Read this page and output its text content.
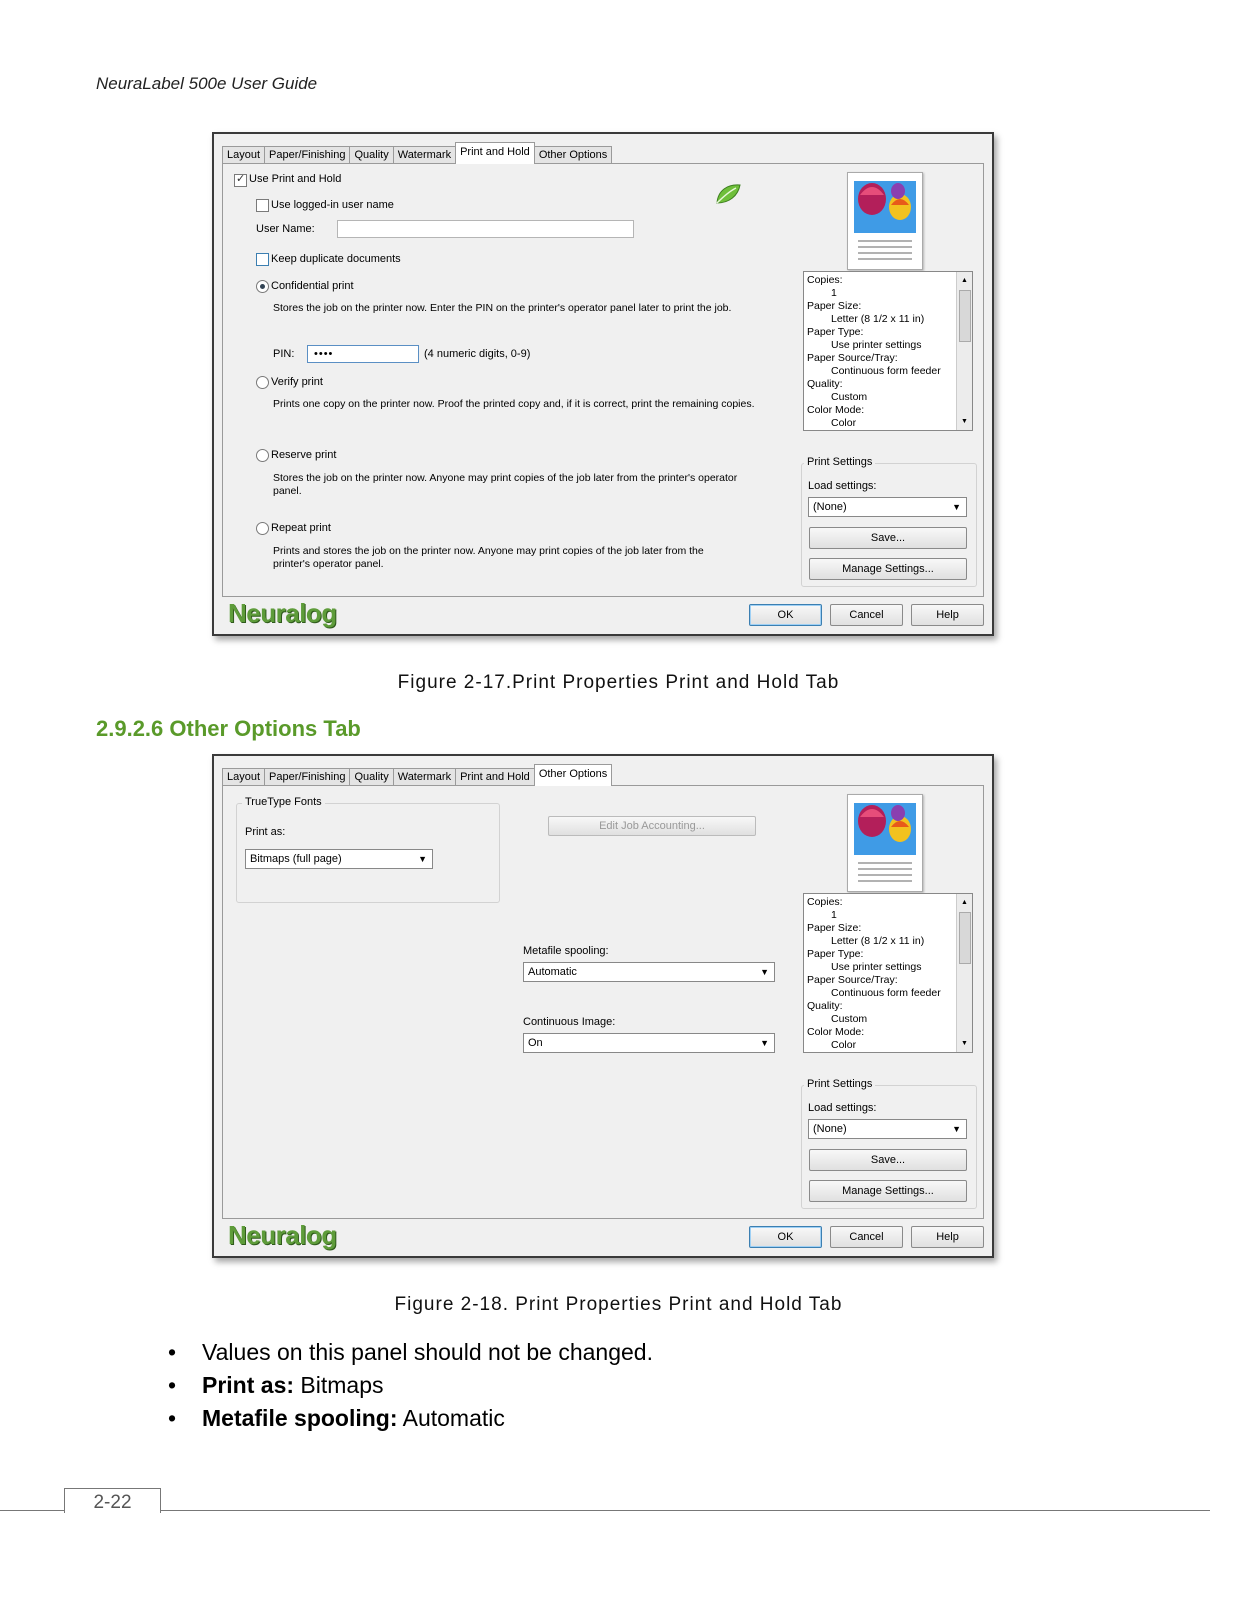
NeuraLabel 500e User Guide
Layout Paper/Finishing Quality Watermark Print and Hold Other Options
✓
Use Print and Hold
Use logged-in user name
User Name:
Keep duplicate documents
Confidential print
Stores the job on the printer now. Enter the PIN on the printer's operator panel later to print the job.
PIN:	••••	(4 numeric digits, 0-9)
Verify print
Prints one copy on the printer now. Proof the printed copy and, if it is correct, print the remaining copies.
Reserve print
Stores the job on the printer now. Anyone may print copies of the job later from the printer's operator panel.
Repeat print
Prints and stores the job on the printer now. Anyone may print copies of the job later from the printer's operator panel.
Copies:
1
Paper Size:
Letter (8 1/2 x 11 in)
Paper Type:
Use printer settings
Paper Source/Tray:
Continuous form feeder
Quality:
Custom
Color Mode:
Color
▲
▼
Print Settings
Load settings:
(None)	▼
Save...
Manage Settings...
Neuralog	OK	Cancel	Help
Figure 2-17.Print Properties Print and Hold Tab
2.9.2.6 Other Options Tab
Layout Paper/Finishing Quality Watermark Print and Hold Other Options
TrueType Fonts
Print as:
Bitmaps (full page)	▼
Edit Job Accounting...
Metafile spooling:
Automatic	▼
Continuous Image:
On	▼
Copies:
1
Paper Size:
Letter (8 1/2 x 11 in)
Paper Type:
Use printer settings
Paper Source/Tray:
Continuous form feeder
Quality:
Custom
Color Mode:
Color
▲
▼
Print Settings
Load settings:
(None)	▼
Save...
Manage Settings...
Neuralog	OK	Cancel	Help
Figure 2-18. Print Properties Print and Hold Tab
• Values on this panel should not be changed.
• Print as: Bitmaps
• Metafile spooling: Automatic
2-22
